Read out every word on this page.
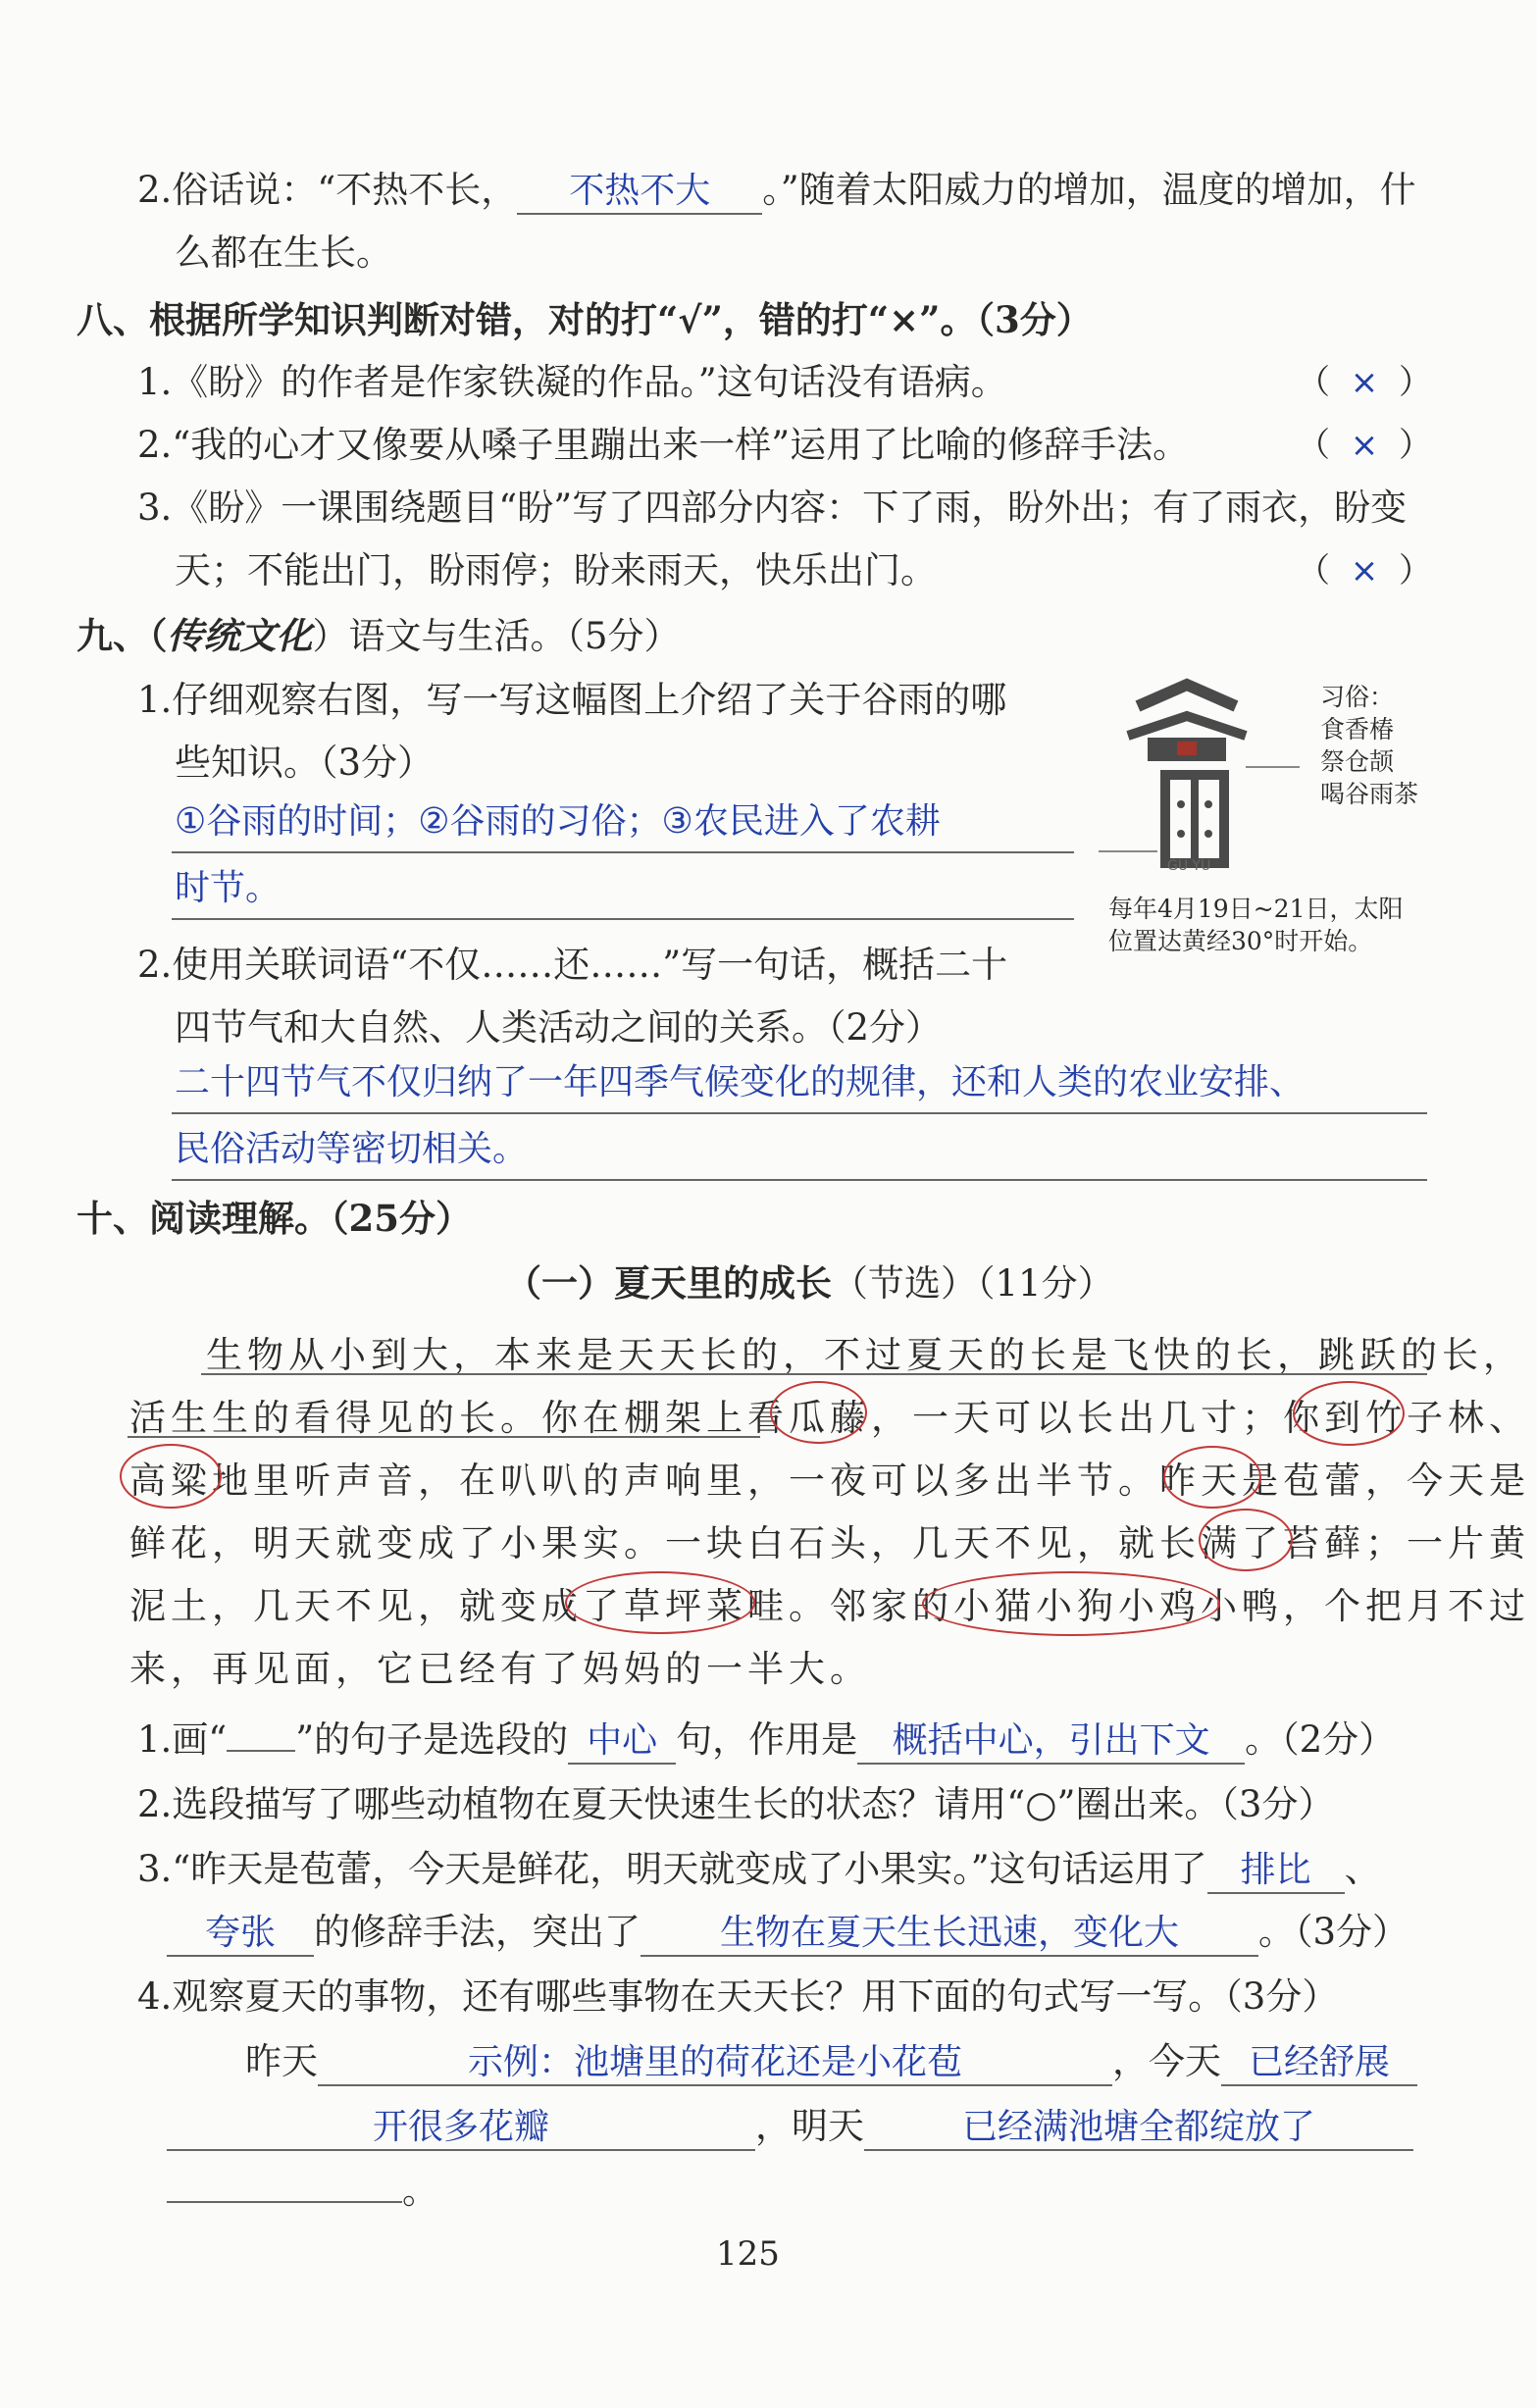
2.俗话说：“不热不长， 不热不大 。”随着太阳威力的增加，温度的增加，什
么都在生长。
八、根据所学知识判断对错，对的打“√”，错的打“×”。（3分）
1.《盼》的作者是作家铁凝的作品。”这句话没有语病。	（ × ）
2.“我的心才又像要从嗓子里蹦出来一样”运用了比喻的修辞手法。	（ × ）
3.《盼》一课围绕题目“盼”写了四部分内容：下了雨，盼外出；有了雨衣，盼变
天；不能出门，盼雨停；盼来雨天，快乐出门。	（ × ）
九、（传统文化）语文与生活。（5分）
1.仔细观察右图，写一写这幅图上介绍了关于谷雨的哪
些知识。（3分）
①谷雨的时间；②谷雨的习俗；③农民进入了农耕
时节。
GU YU
习俗：
食香椿
祭仓颉
喝谷雨茶
每年4月19日~21日，太阳
位置达黄经30°时开始。
2.使用关联词语“不仅……还……”写一句话，概括二十
四节气和大自然、人类活动之间的关系。（2分）
二十四节气不仅归纳了一年四季气候变化的规律，还和人类的农业安排、
民俗活动等密切相关。
十、阅读理解。（25分）
（一）夏天里的成长（节选）（11分）
生物从小到大，本来是天天长的，不过夏天的长是飞快的长，跳跃的长，
活生生的看得见的长。你在棚架上看瓜藤，一天可以长出几寸；你到竹子林、
高粱地里听声音，在叭叭的声响里，一夜可以多出半节。昨天是苞蕾，今天是
鲜花，明天就变成了小果实。一块白石头，几天不见，就长满了苔藓；一片黄
泥土，几天不见，就变成了草坪菜畦。邻家的小猫小狗小鸡小鸭，个把月不过
来，再见面，它已经有了妈妈的一半大。
1.画“ ”的句子是选段的 中心 句，作用是 概括中心，引出下文 。（2分）
2.选段描写了哪些动植物在夏天快速生长的状态？请用“○”圈出来。（3分）
3.“昨天是苞蕾，今天是鲜花，明天就变成了小果实。”这句话运用了 排比 、
夸张 的修辞手法，突出了 生物在夏天生长迅速，变化大 。（3分）
4.观察夏天的事物，还有哪些事物在天天长？用下面的句式写一写。（3分）
昨天	示例：池塘里的荷花还是小花苞	，今天 已经舒展
开很多花瓣	，明天	已经满池塘全都绽放了
。
125
